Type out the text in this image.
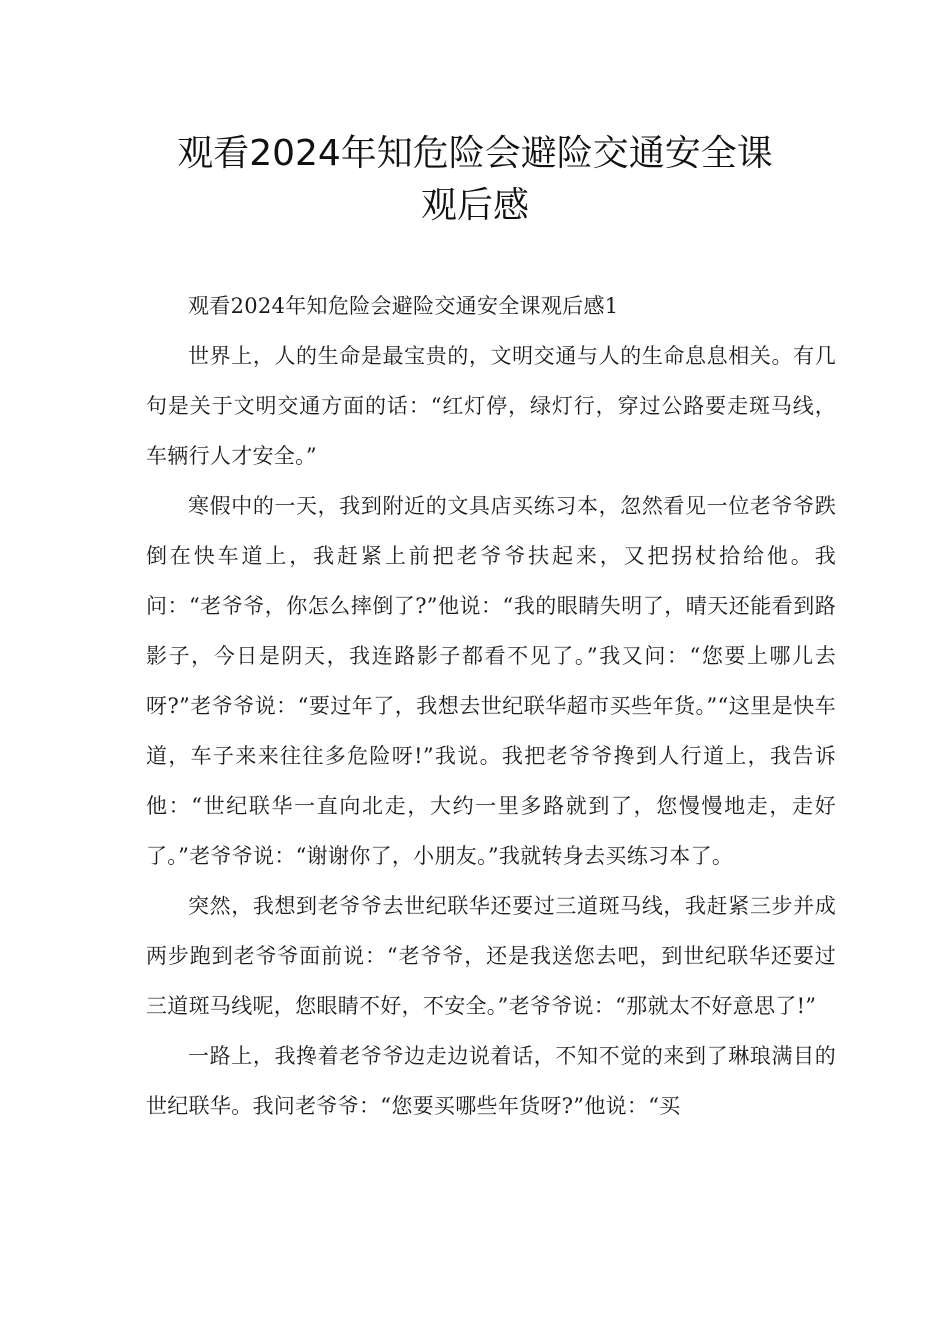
观看2024年知危险会避险交通安全课
观后感

观看2024年知危险会避险交通安全课观后感1

世界上，人的生命是最宝贵的，文明交通与人的生命息息相关。有几句是关于文明交通方面的话：“红灯停，绿灯行，穿过公路要走斑马线，车辆行人才安全。”

寒假中的一天，我到附近的文具店买练习本，忽然看见一位老爷爷跌倒在快车道上，我赶紧上前把老爷爷扶起来，又把拐杖拾给他。我问：“老爷爷，你怎么摔倒了?”他说：“我的眼睛失明了，晴天还能看到路影子，今日是阴天，我连路影子都看不见了。”我又问：“您要上哪儿去呀?”老爷爷说：“要过年了，我想去世纪联华超市买些年货。”“这里是快车道，车子来来往往多危险呀!”我说。我把老爷爷搀到人行道上，我告诉他：“世纪联华一直向北走，大约一里多路就到了，您慢慢地走，走好了。”老爷爷说：“谢谢你了，小朋友。”我就转身去买练习本了。

突然，我想到老爷爷去世纪联华还要过三道斑马线，我赶紧三步并成两步跑到老爷爷面前说：“老爷爷，还是我送您去吧，到世纪联华还要过三道斑马线呢，您眼睛不好，不安全。”老爷爷说：“那就太不好意思了!”

一路上，我搀着老爷爷边走边说着话，不知不觉的来到了琳琅满目的世纪联华。我问老爷爷：“您要买哪些年货呀?”他说：“买
